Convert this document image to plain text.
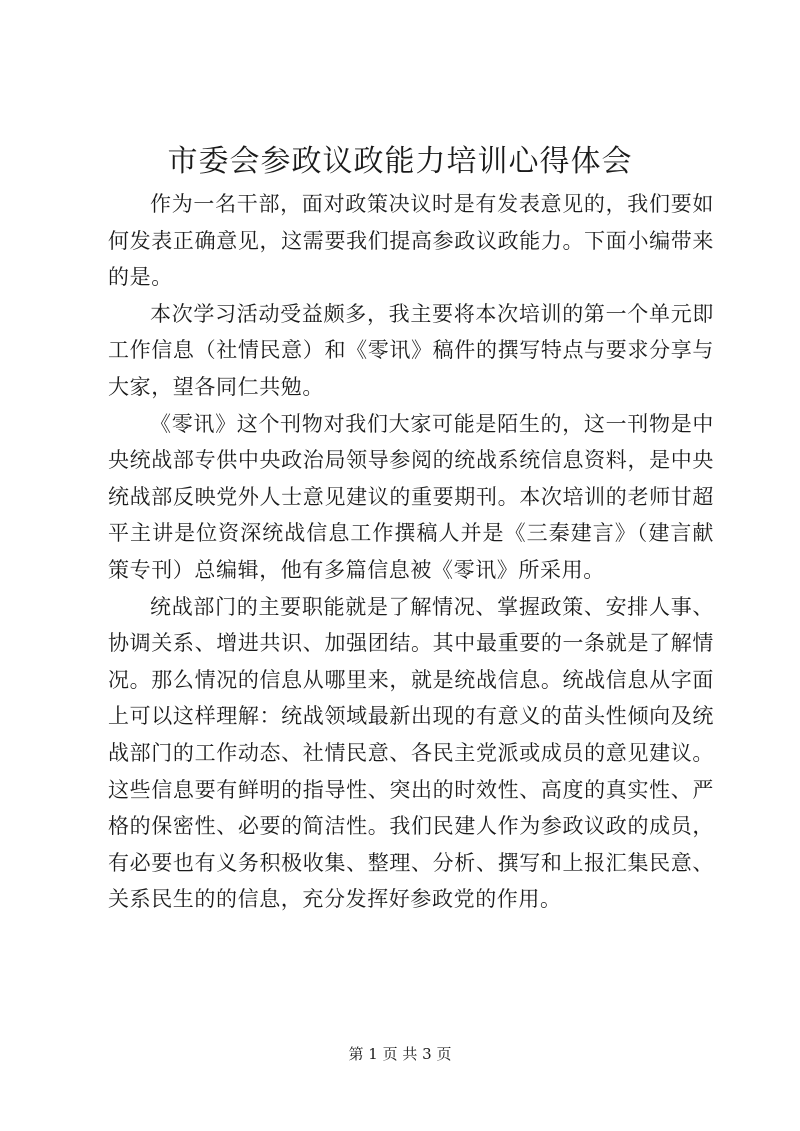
市委会参政议政能力培训心得体会

作为一名干部，面对政策决议时是有发表意见的，我们要如何发表正确意见，这需要我们提高参政议政能力。下面小编带来的是。

本次学习活动受益颇多，我主要将本次培训的第一个单元即工作信息（社情民意）和《零讯》稿件的撰写特点与要求分享与大家，望各同仁共勉。

《零讯》这个刊物对我们大家可能是陌生的，这一刊物是中央统战部专供中央政治局领导参阅的统战系统信息资料，是中央统战部反映党外人士意见建议的重要期刊。本次培训的老师甘超平主讲是位资深统战信息工作撰稿人并是《三秦建言》（建言献策专刊）总编辑，他有多篇信息被《零讯》所采用。

统战部门的主要职能就是了解情况、掌握政策、安排人事、协调关系、增进共识、加强团结。其中最重要的一条就是了解情况。那么情况的信息从哪里来，就是统战信息。统战信息从字面上可以这样理解：统战领域最新出现的有意义的苗头性倾向及统战部门的工作动态、社情民意、各民主党派或成员的意见建议。这些信息要有鲜明的指导性、突出的时效性、高度的真实性、严格的保密性、必要的简洁性。我们民建人作为参政议政的成员，有必要也有义务积极收集、整理、分析、撰写和上报汇集民意、关系民生的的信息，充分发挥好参政党的作用。

第 1 页 共 3 页
